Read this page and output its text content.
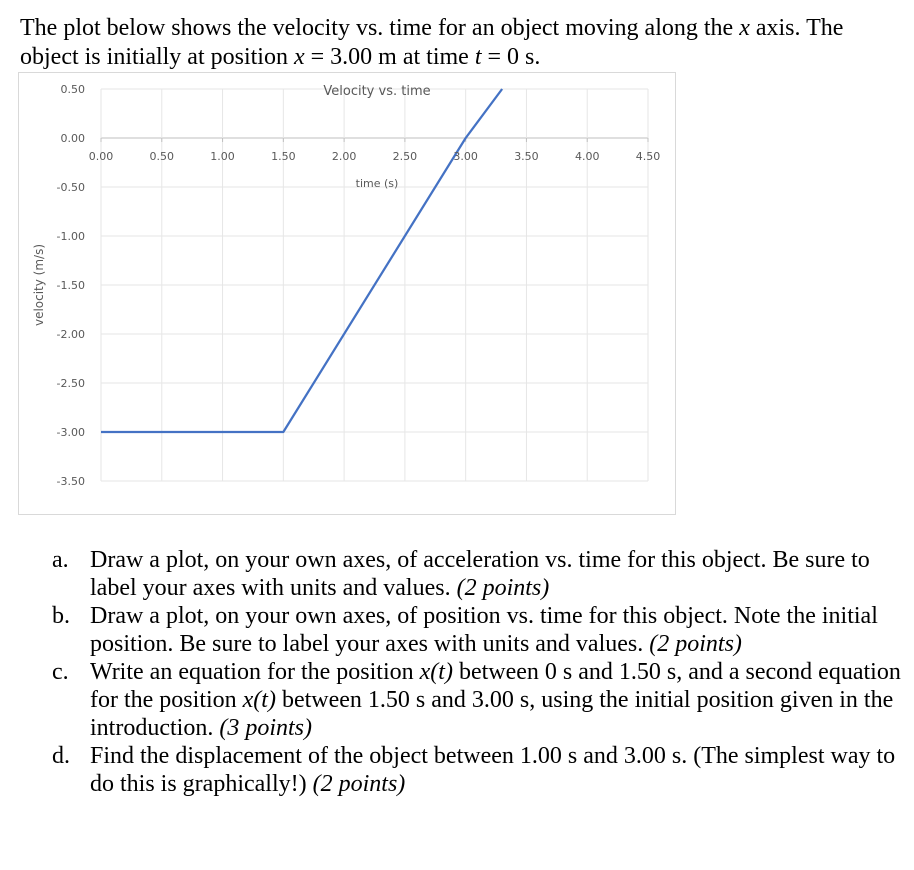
The plot below shows the velocity vs. time for an object moving along the x axis. The object is initially at position x = 3.00 m at time t = 0 s.

0.50
0.00
-0.50
-1.00
-1.50
-2.00
-2.50
-3.00
-3.50
0.00	0.50	1.00	1.50	2.00	2.50	3.00	3.50	4.00	4.50
Velocity vs. time
time (s)
velocity (m/s)
a. Draw a plot, on your own axes, of acceleration vs. time for this object. Be sure to label your axes with units and values. (2 points)
b. Draw a plot, on your own axes, of position vs. time for this object. Note the initial position. Be sure to label your axes with units and values. (2 points)
c. Write an equation for the position x(t) between 0 s and 1.50 s, and a second equation for the position x(t) between 1.50 s and 3.00 s, using the initial position given in the introduction. (3 points)
d. Find the displacement of the object between 1.00 s and 3.00 s. (The simplest way to do this is graphically!) (2 points)
